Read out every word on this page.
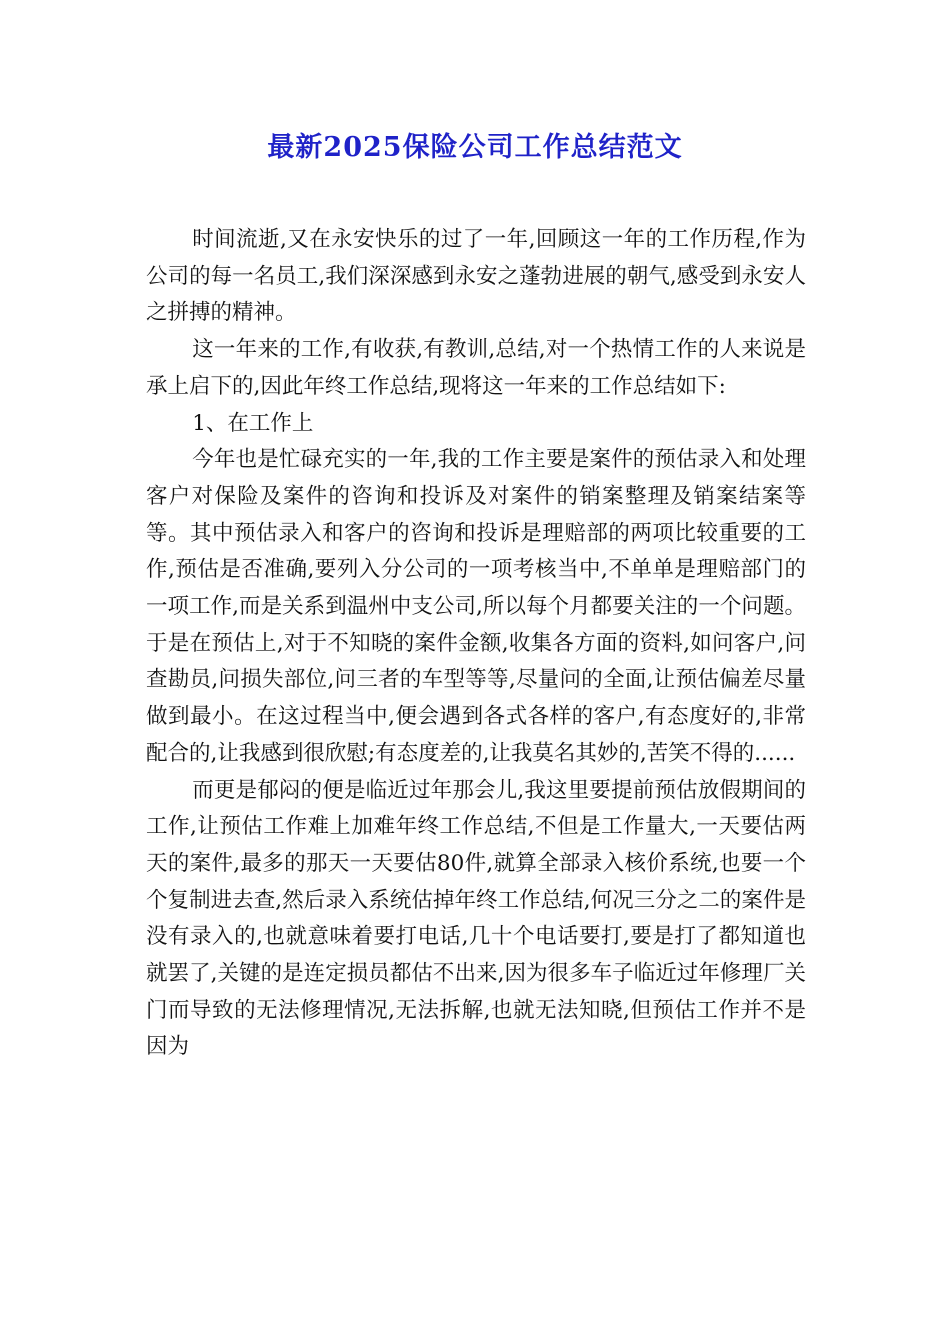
最新2025保险公司工作总结范文

时间流逝,又在永安快乐的过了一年,回顾这一年的工作历程,作为公司的每一名员工,我们深深感到永安之蓬勃进展的朝气,感受到永安人之拼搏的精神。

这一年来的工作,有收获,有教训,总结,对一个热情工作的人来说是承上启下的,因此年终工作总结,现将这一年来的工作总结如下:

1、在工作上

今年也是忙碌充实的一年,我的工作主要是案件的预估录入和处理客户对保险及案件的咨询和投诉及对案件的销案整理及销案结案等等。其中预估录入和客户的咨询和投诉是理赔部的两项比较重要的工作,预估是否准确,要列入分公司的一项考核当中,不单单是理赔部门的一项工作,而是关系到温州中支公司,所以每个月都要关注的一个问题。于是在预估上,对于不知晓的案件金额,收集各方面的资料,如问客户,问查勘员,问损失部位,问三者的车型等等,尽量问的全面,让预估偏差尽量做到最小。在这过程当中,便会遇到各式各样的客户,有态度好的,非常配合的,让我感到很欣慰;有态度差的,让我莫名其妙的,苦笑不得的......

而更是郁闷的便是临近过年那会儿,我这里要提前预估放假期间的工作,让预估工作难上加难年终工作总结,不但是工作量大,一天要估两天的案件,最多的那天一天要估80件,就算全部录入核价系统,也要一个个复制进去查,然后录入系统估掉年终工作总结,何况三分之二的案件是没有录入的,也就意味着要打电话,几十个电话要打,要是打了都知道也就罢了,关键的是连定损员都估不出来,因为很多车子临近过年修理厂关门而导致的无法修理情况,无法拆解,也就无法知晓,但预估工作并不是因为
